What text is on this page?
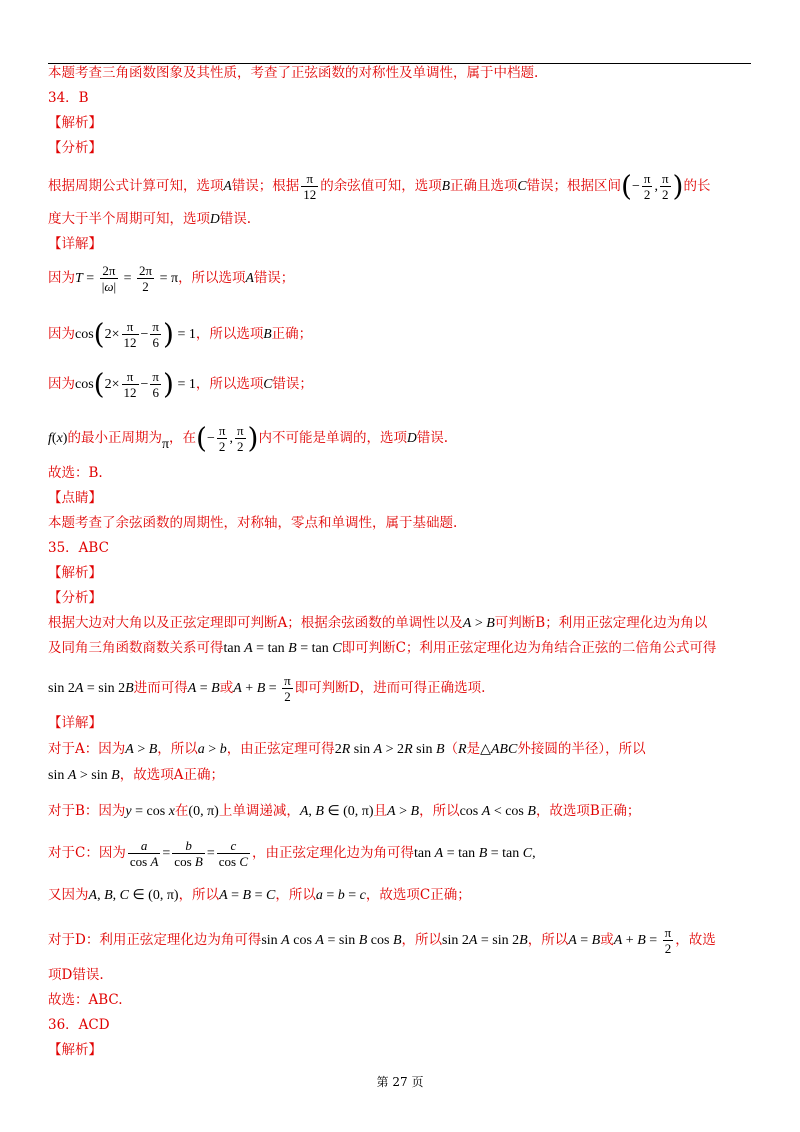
本题考查三角函数图象及其性质，考查了正弦函数的对称性及单调性，属于中档题.
34．B
【解析】
【分析】
根据周期公式计算可知，选项A错误；根据 $\frac{\pi}{12}$ 的余弦值可知，选项B正确且选项C错误；根据区间(− $\frac{\pi}{2}$ , $\frac{\pi}{2}$ )的长
度大于半个周期可知，选项D错误.
【详解】
因为$T = \frac{2\pi}{|\omega|} = \frac{2\pi}{2} = \pi$，所以选项A错误；
因为$\cos(2\times \frac{\pi}{12} - \frac{\pi}{6}$ ) = 1，所以选项B正确；
因为$\cos(2\times \frac{\pi}{12} - \frac{\pi}{6}$ ) = 1，所以选项C错误；
f(x)的最小正周期为π，在(− $\frac{\pi}{2}$ , $\frac{\pi}{2}$ )内不可能是单调的，选项D错误.
故选：B.
【点睛】
本题考查了余弦函数的周期性，对称轴，零点和单调性，属于基础题.
35．ABC
【解析】
【分析】
根据大边对大角以及正弦定理即可判断A；根据余弦函数的单调性以及A > B可判断B；利用正弦定理化边为角以
及同角三角函数商数关系可得tan A = tan B = tan C即可判断C；利用正弦定理化边为角结合正弦的二倍角公式可得
sin 2A = sin 2B进而可得A = B或$A + B = \frac{\pi}{2}$ 即可判断D，进而可得正确选项.
【详解】
对于A：因为A > B，所以a > b，由正弦定理可得2R sin A > 2R sin B（R是△ABC外接圆的半径），所以
sin A > sin B，故选项A正确；
对于B：因为y = cos x在(0, π)上单调递减，A, B ∈ (0, π)且A > B，所以cos A < cos B，故选项B正确；
对于C：因为 $\frac{a}{\text{cos A}} = \frac{b}{\text{cos B}} = \frac{c}{\text{cos C}}$ ，由正弦定理化边为角可得tan A = tan B = tan C,
又因为A, B, C ∈ (0, π)，所以A = B = C，所以a = b = c，故选项C正确；
对于D：利用正弦定理化边为角可得sin A cos A = sin B cos B，所以sin 2A = sin 2B，所以A = B或$A + B = \frac{\pi}{2}$ ，故选
项D错误.
故选：ABC.
36．ACD
【解析】
第 27 页
